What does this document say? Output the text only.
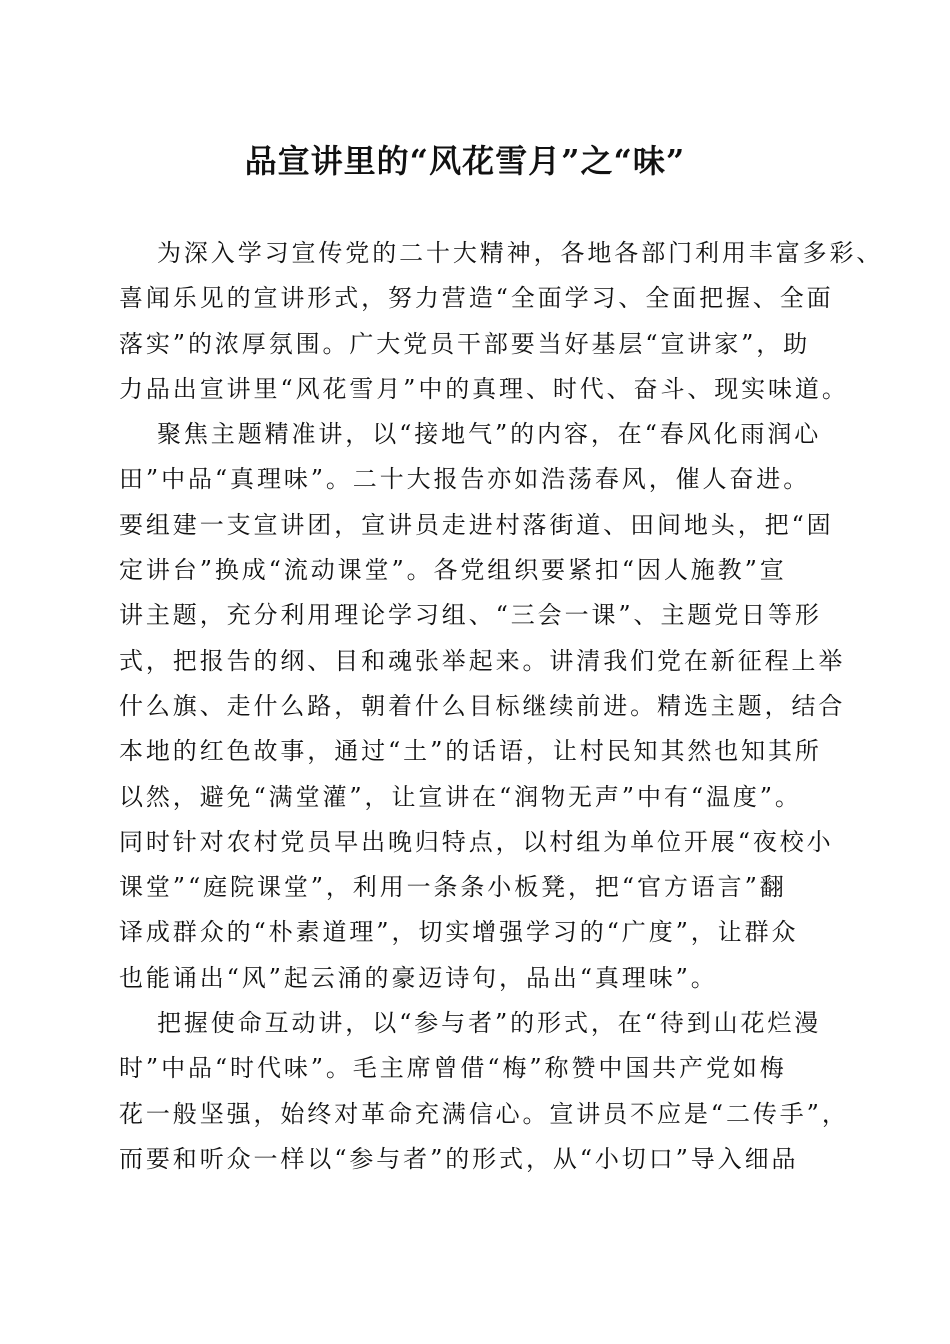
品宣讲里的“风花雪月”之“味”

为深入学习宣传党的二十大精神，各地各部门利用丰富多彩、
喜闻乐见的宣讲形式，努力营造“全面学习、全面把握、全面
落实”的浓厚氛围。广大党员干部要当好基层“宣讲家”，助
力品出宣讲里“风花雪月”中的真理、时代、奋斗、现实味道。

聚焦主题精准讲，以“接地气”的内容，在“春风化雨润心
田”中品“真理味”。二十大报告亦如浩荡春风，催人奋进。
要组建一支宣讲团，宣讲员走进村落街道、田间地头，把“固
定讲台”换成“流动课堂”。各党组织要紧扣“因人施教”宣
讲主题，充分利用理论学习组、“三会一课”、主题党日等形
式，把报告的纲、目和魂张举起来。讲清我们党在新征程上举
什么旗、走什么路，朝着什么目标继续前进。精选主题，结合
本地的红色故事，通过“土”的话语，让村民知其然也知其所
以然，避免“满堂灌”，让宣讲在“润物无声”中有“温度”。
同时针对农村党员早出晚归特点，以村组为单位开展“夜校小
课堂”“庭院课堂”，利用一条条小板凳，把“官方语言”翻
译成群众的“朴素道理”，切实增强学习的“广度”，让群众
也能诵出“风”起云涌的豪迈诗句，品出“真理味”。

把握使命互动讲，以“参与者”的形式，在“待到山花烂漫
时”中品“时代味”。毛主席曾借“梅”称赞中国共产党如梅
花一般坚强，始终对革命充满信心。宣讲员不应是“二传手”，
而要和听众一样以“参与者”的形式，从“小切口”导入细品
